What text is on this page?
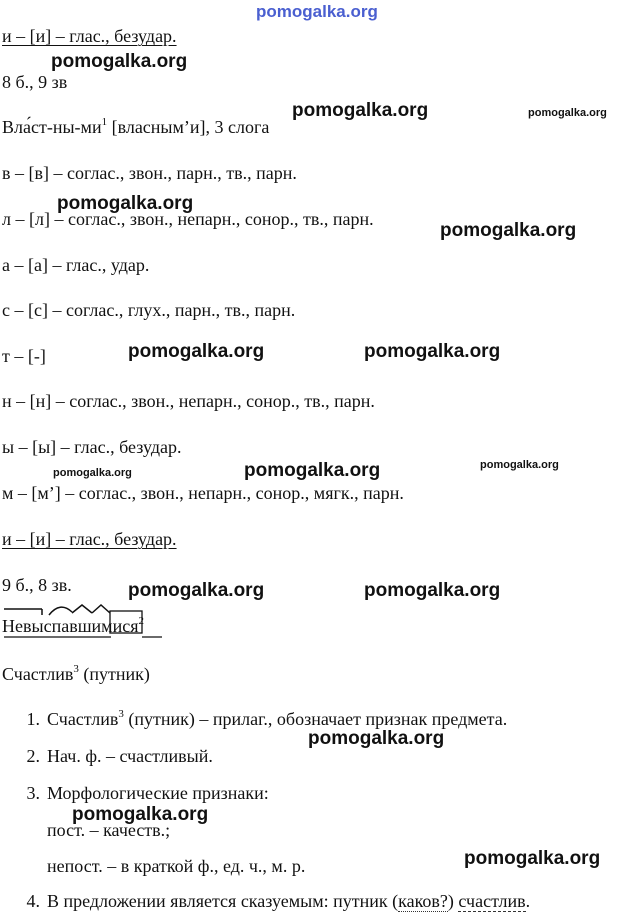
pomogalka.org
и – [и] – глас., безудар.
8 б., 9 зв
$Вла́ст-ны-ми^1$ [власным’и], 3 слога
в – [в] – соглас., звон., парн., тв., парн.
л – [л] – соглас., звон., непарн., сонор., тв., парн.
а – [а] – глас., удар.
с – [с] – соглас., глух., парн., тв., парн.
т – [-]
н – [н] – соглас., звон., непарн., сонор., тв., парн.
ы – [ы] – глас., безудар.
м – [м’] – соглас., звон., непарн., сонор., мягк., парн.
и – [и] – глас., безудар.
9 б., 8 зв.
Невыспавшимися$^2$
Счастлив$^3$ (путник)
1. Счастлив$^3$ (путник) – прилаг., обозначает признак предмета.
2. Нач. ф. – счастливый.
3. Морфологические признаки:
пост. – качеств.;
непост. – в краткой ф., ед. ч., м. р.
4. В предложении является сказуемым: путник (каков?) счастлив.
pomogalka.org
pomogalka.org	pomogalka.org
pomogalka.org
pomogalka.org
pomogalka.org	pomogalka.org
pomogalka.org	pomogalka.org	pomogalka.org
pomogalka.org	pomogalka.org
pomogalka.org
pomogalka.org
pomogalka.org
